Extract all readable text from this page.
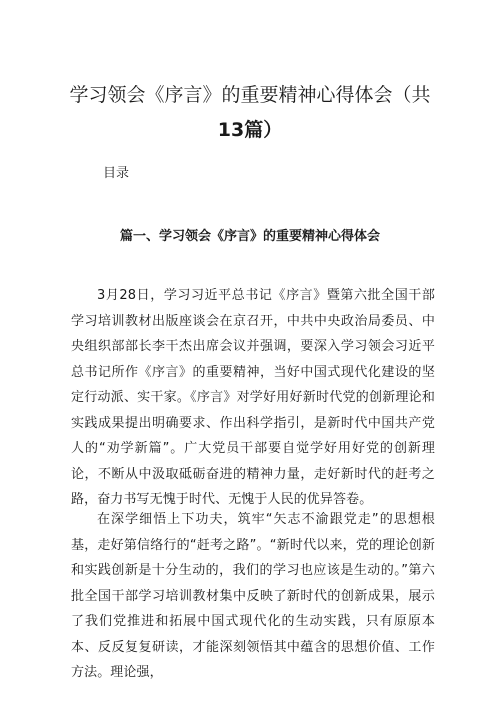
学习领会《序言》的重要精神心得体会（共
13篇）

目录

篇一、学习领会《序言》的重要精神心得体会

3月28日，学习习近平总书记《序言》暨第六批全国干部学习培训教材出版座谈会在京召开，中共中央政治局委员、中央组织部部长李干杰出席会议并强调，要深入学习领会习近平总书记所作《序言》的重要精神，当好中国式现代化建设的坚定行动派、实干家。《序言》对学好用好新时代党的创新理论和实践成果提出明确要求、作出科学指引，是新时代中国共产党人的“劝学新篇”。广大党员干部要自觉学好用好党的创新理论，不断从中汲取砥砺奋进的精神力量，走好新时代的赶考之路，奋力书写无愧于时代、无愧于人民的优异答卷。

在深学细悟上下功夫，筑牢“矢志不渝跟党走”的思想根基，走好第信络行的“赶考之路”。“新时代以来，党的理论创新和实践创新是十分生动的，我们的学习也应该是生动的。”第六批全国干部学习培训教材集中反映了新时代的创新成果，展示了我们党推进和拓展中国式现代化的生动实践，只有原原本本、反反复复研读，才能深刻领悟其中蕴含的思想价值、工作方法。理论强，
